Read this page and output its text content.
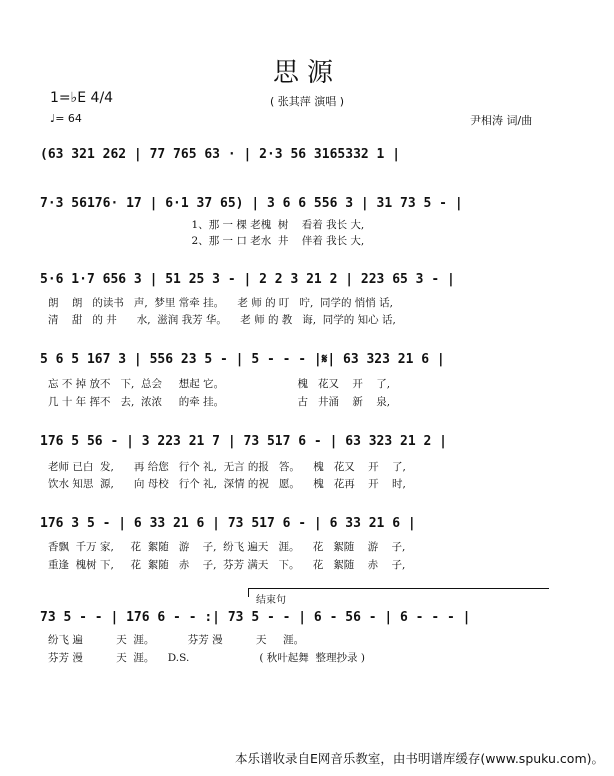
思源
( 张其萍 演唱 )
1=♭E 4/4
♩= 64	尹相涛 词/曲
(63 321 262 | 77 765 63 · | 2·3 56 3165332 1 |
7·3 56176· 17 | 6·1 37 65) | 3 6 6 556 3 | 31 73 5 - |
1、那 一 棵 老槐  树    看着 我长 大,
2、那 一 口 老水  井    伴着 我长 大,
5·6 1·7 656 3 | 51 25 3 - | 2 2 3 21 2 | 223 65 3 - |
朗    朗   的读书   声,  梦里 常牵 挂。    老 师 的 叮   咛,  同学的 悄悄 话,
清    甜   的 井      水,  滋润 我芳 华。    老 师 的 教   诲,  同学的 知心 话,
5 6 5 167 3 | 556 23 5 - | 5 - - - |𝄋| 63 323 21 6 |
忘 不 掉 放不   下,  总会     想起 它。                      槐   花又    开    了,
几 十 年 挥不   去,  浓浓     的牵 挂。                      古   井涌    新    泉,
176 5 56 - | 3 223 21 7 | 73 517 6 - | 63 323 21 2 |
老师 已白  发,      再 给您   行个 礼,  无言 的报   答。    槐   花又    开    了,
饮水 知思  源,      向 母校   行个 礼,  深情 的祝   愿。    槐   花再    开    时,
176 3 5 - | 6 33 21 6 | 73 517 6 - | 6 33 21 6 |
香飘  千万 家,     花  絮随   游    子,  纷飞 遍天   涯。    花   絮随    游    子,
重逢  槐树 下,     花  絮随   赤    子,  芬芳 满天   下。    花   絮随    赤    子,
结束句
73 5 - - | 176 6 - - :| 73 5 - - | 6 - 56 - | 6 - - - |
纷飞 遍          天  涯。          芬芳 漫          天     涯。
芬芳 漫          天  涯。    D.S.                     ( 秋叶起舞  整理抄录 )
本乐谱收录自E网音乐教室，由书明谱库缓存(www.spuku.com)。
